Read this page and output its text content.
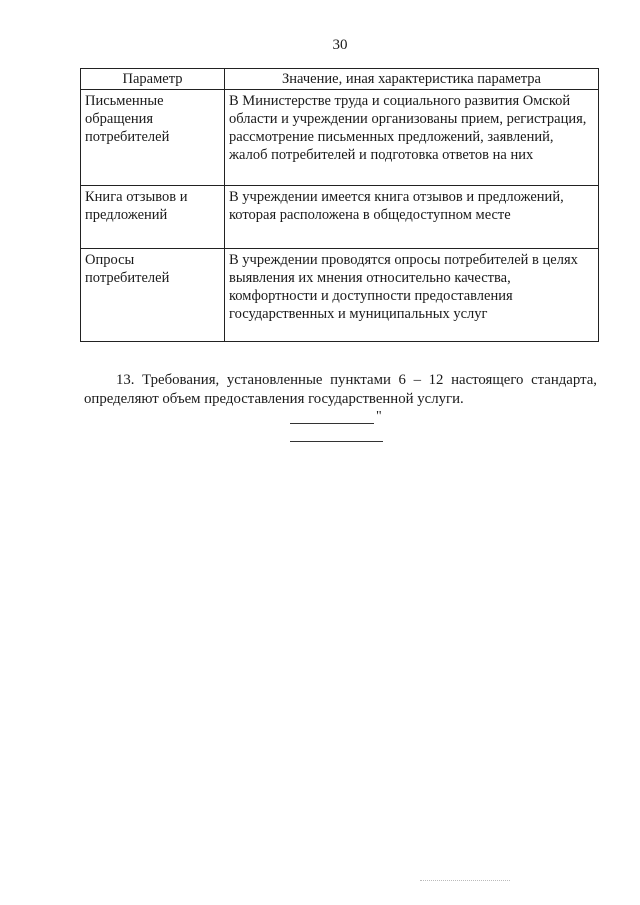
30
Параметр	Значение, иная характеристика параметра
Письменные обращения потребителей	В Министерстве труда и социального развития Омской области и учреждении организованы прием, регистрация, рассмотрение письменных предложений, заявлений, жалоб потребителей и подготовка ответов на них
Книга отзывов и предложений	В учреждении имеется книга отзывов и предложений, которая расположена в общедоступном месте
Опросы потребителей	В учреждении проводятся опросы потребителей в целях выявления их мнения относительно качества, комфортности и доступности предоставления государственных и муниципальных услуг

13. Требования, установленные пунктами 6 – 12 настоящего стандарта, определяют объем предоставления государственной услуги.

"
